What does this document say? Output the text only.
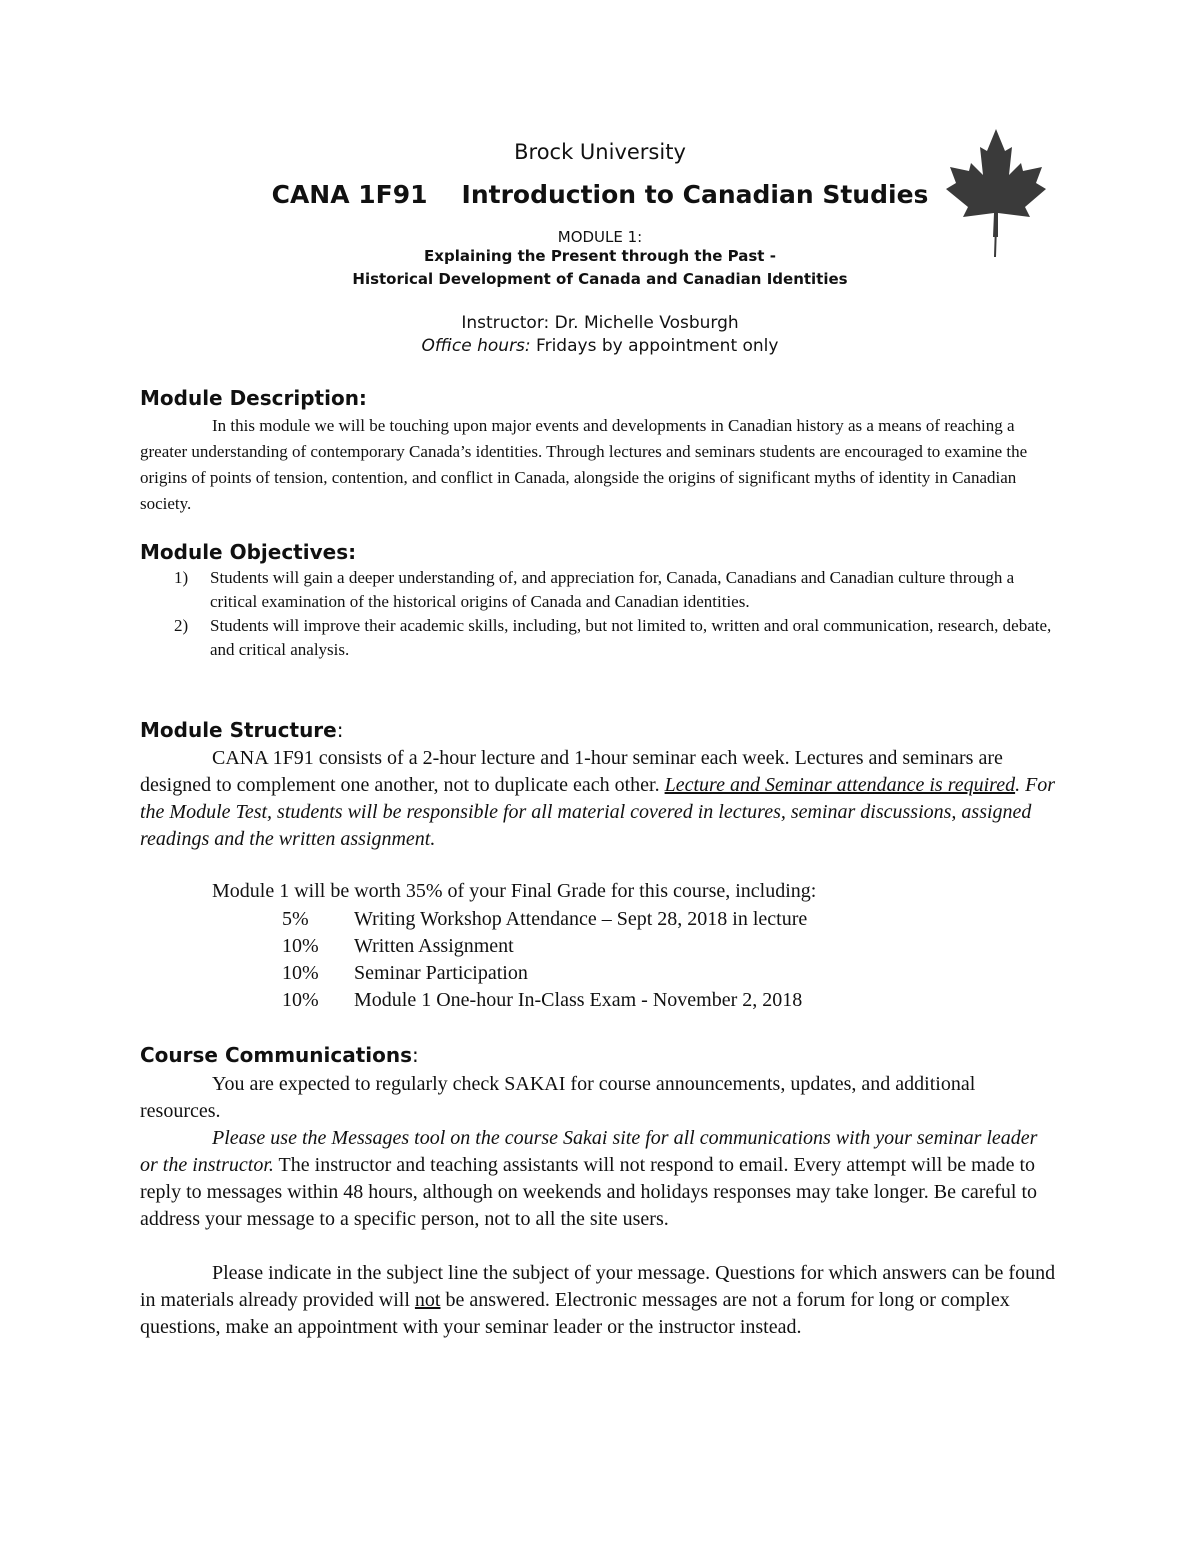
Brock University
CANA 1F91 Introduction to Canadian Studies
MODULE 1:
Explaining the Present through the Past -
Historical Development of Canada and Canadian Identities
Instructor: Dr. Michelle Vosburgh
Office hours: Fridays by appointment only
Module Description:
In this module we will be touching upon major events and developments in Canadian history as a means of reaching a greater understanding of contemporary Canada’s identities. Through lectures and seminars students are encouraged to examine the origins of points of tension, contention, and conflict in Canada, alongside the origins of significant myths of identity in Canadian society.
Module Objectives:
1) Students will gain a deeper understanding of, and appreciation for, Canada, Canadians and Canadian culture through a critical examination of the historical origins of Canada and Canadian identities.
2) Students will improve their academic skills, including, but not limited to, written and oral communication, research, debate, and critical analysis.
Module Structure:
CANA 1F91 consists of a 2-hour lecture and 1-hour seminar each week. Lectures and seminars are designed to complement one another, not to duplicate each other. Lecture and Seminar attendance is required. For the Module Test, students will be responsible for all material covered in lectures, seminar discussions, assigned readings and the written assignment.
Module 1 will be worth 35% of your Final Grade for this course, including:
5% Writing Workshop Attendance – Sept 28, 2018 in lecture
10% Written Assignment
10% Seminar Participation
10% Module 1 One-hour In-Class Exam - November 2, 2018
Course Communications:
You are expected to regularly check SAKAI for course announcements, updates, and additional resources.
Please use the Messages tool on the course Sakai site for all communications with your seminar leader or the instructor. The instructor and teaching assistants will not respond to email. Every attempt will be made to reply to messages within 48 hours, although on weekends and holidays responses may take longer. Be careful to address your message to a specific person, not to all the site users.
Please indicate in the subject line the subject of your message. Questions for which answers can be found in materials already provided will not be answered. Electronic messages are not a forum for long or complex questions, make an appointment with your seminar leader or the instructor instead.
